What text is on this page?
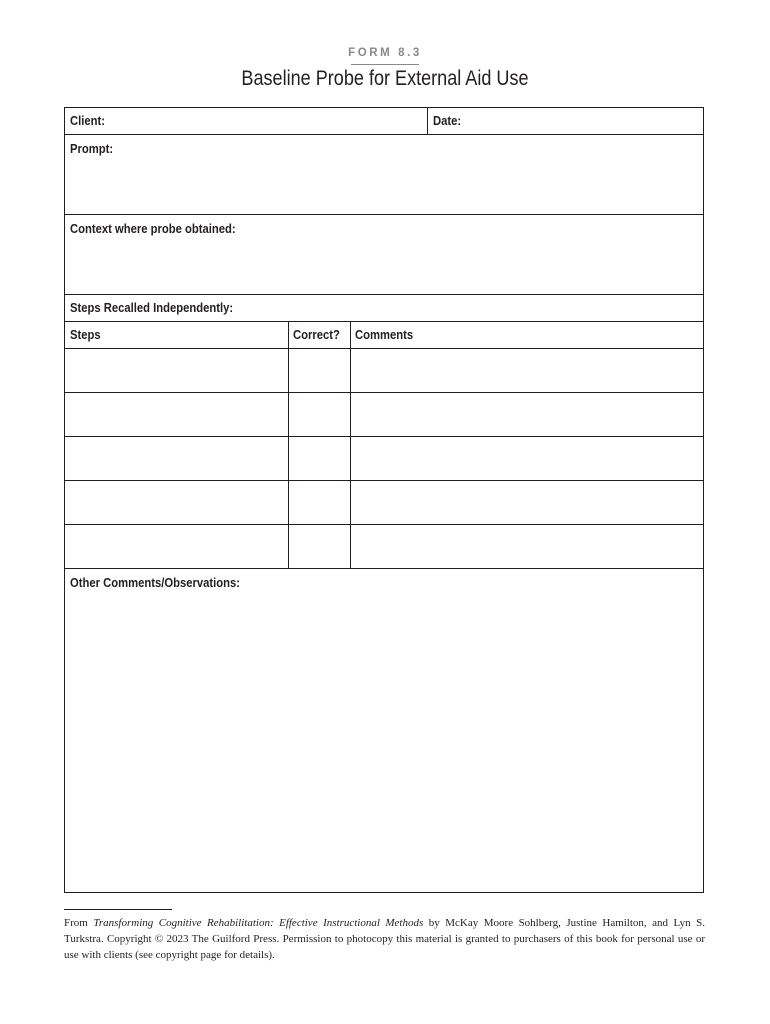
FORM 8.3
Baseline Probe for External Aid Use
Client:	Date:
Prompt:
Context where probe obtained:
Steps Recalled Independently:
Steps	Correct? Comments
Other Comments/Observations:
From Transforming Cognitive Rehabilitation: Effective Instructional Methods by McKay Moore Sohlberg, Justine Hamilton, and Lyn S. Turkstra. Copyright © 2023 The Guilford Press. Permission to photocopy this material is granted to purchasers of this book for personal use or use with clients (see copyright page for details).
